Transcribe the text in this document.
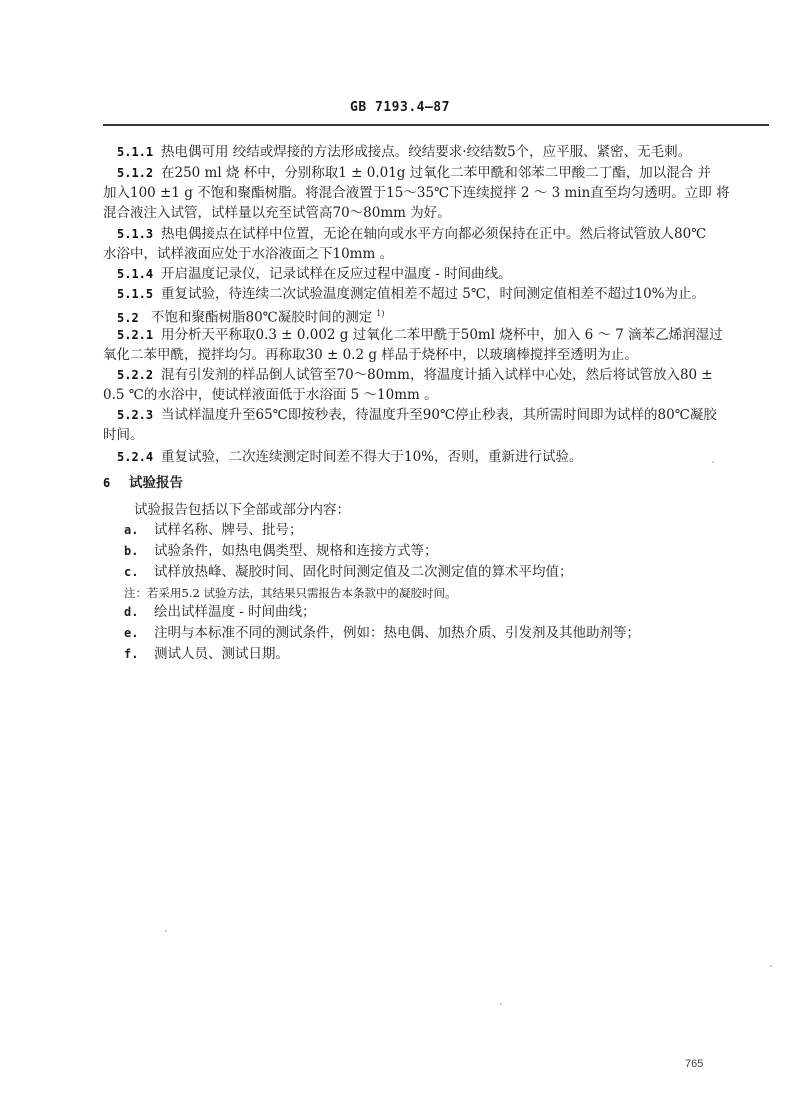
GB 7193.4—87
5.1.1 热电偶可用 绞结或焊接的方法形成接点。绞结要求·绞结数5个，应平服、紧密、无毛刺。
5.1.2 在250 ml 烧 杯中，分别称取1 ± 0.01g 过氧化二苯甲酰和邻苯二甲酸二丁酯，加以混合 并
加入100 ±1 g 不饱和聚酯树脂。将混合液置于15～35℃下连续搅拌 2 ～ 3 min直至均匀透明。立即 将
混合液注入试管，试样量以充至试管高70～80mm 为好。
5.1.3 热电偶接点在试样中位置，无论在轴向或水平方向都必须保持在正中。然后将试管放人80℃
水浴中，试样液面应处于水浴液面之下10mm 。
5.1.4 开启温度记录仪，记录试样在反应过程中温度 - 时间曲线。
5.1.5 重复试验，待连续二次试验温度测定值相差不超过 5℃，时间测定值相差不超过10%为止。
5.2 不饱和聚酯树脂80℃凝胶时间的测定 $^{1)}$
5.2.1 用分析天平称取0.3 ± 0.002 g 过氧化二苯甲酰于50ml 烧杯中，加入 6 ～ 7 滴苯乙烯润湿过
氧化二苯甲酰，搅拌均匀。再称取30 ± 0.2 g 样品于烧杯中，以玻璃棒搅拌至透明为止。
5.2.2 混有引发剂的样品倒人试管至70～80mm，将温度计插入试样中心处，然后将试管放入80 ±
0.5 ℃的水浴中，使试样液面低于水浴面 5 ～10mm 。
5.2.3 当试样温度升至65℃即按秒表，待温度升至90℃停止秒表，其所需时间即为试样的80℃凝胶
时间。
5.2.4 重复试验，二次连续测定时间差不得大于10%，否则，重新进行试验。
6 试验报告
试验报告包括以下全部或部分内容：
a. 试样名称、牌号、批号；
b. 试验条件，如热电偶类型、规格和连接方式等；
c. 试样放热峰、凝胶时间、固化时间测定值及二次测定值的算术平均值；
注：若采用5.2 试验方法，其结果只需报告本条款中的凝胶时间。
d. 绘出试样温度 - 时间曲线；
e. 注明与本标准不同的测试条件，例如：热电偶、加热介质、引发剂及其他助剂等；
f. 测试人员、测试日期。
765
